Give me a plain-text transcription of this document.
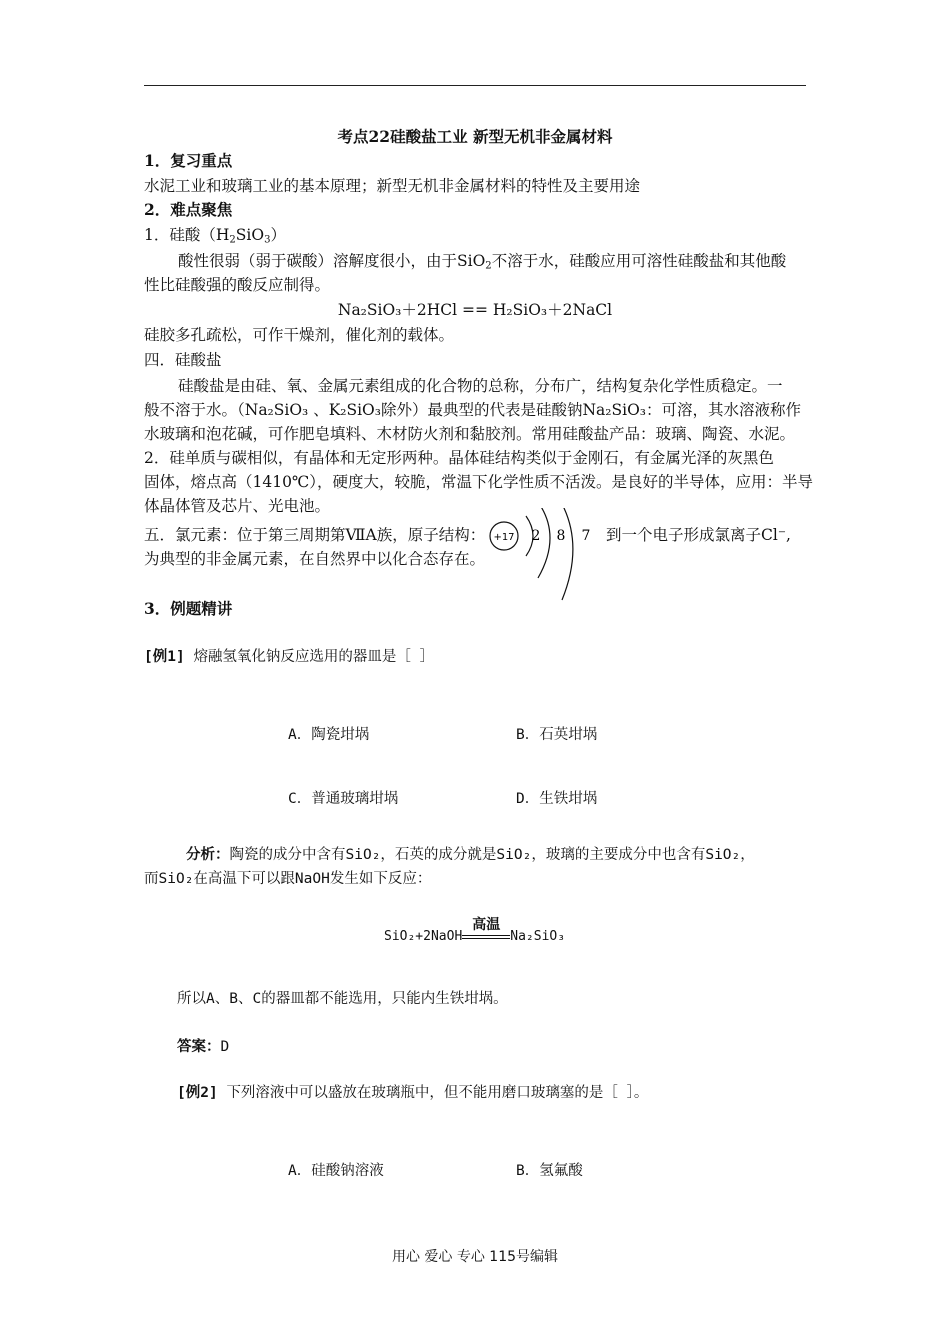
考点22硅酸盐工业 新型无机非金属材料
1．复习重点
水泥工业和玻璃工业的基本原理；新型无机非金属材料的特性及主要用途
2．难点聚焦
1．硅酸$(H_2SiO_3)$
酸性很弱（弱于碳酸）溶解度很小，由于SiO$_2$不溶于水，硅酸应用可溶性硅酸盐和其他酸
性比硅酸强的酸反应制得。
Na₂SiO₃＋2HCl == H₂SiO₃＋2NaCl
硅胶多孔疏松，可作干燥剂，催化剂的载体。
四．硅酸盐
硅酸盐是由硅、氧、金属元素组成的化合物的总称，分布广，结构复杂化学性质稳定。一
般不溶于水。（Na₂SiO₃ 、K₂SiO₃除外）最典型的代表是硅酸钠Na₂SiO₃：可溶，其水溶液称作
水玻璃和泡花碱，可作肥皂填料、木材防火剂和黏胶剂。常用硅酸盐产品：玻璃、陶瓷、水泥。
2．硅单质与碳相似，有晶体和无定形两种。晶体硅结构类似于金刚石，有金属光泽的灰黑色
固体，熔点高（1410℃），硬度大，较脆，常温下化学性质不活泼。是良好的半导体，应用：半导
体晶体管及芯片、光电池。
五．氯元素：位于第三周期第ⅦA族，原子结构：	到一个电子形成氯离子Cl⁻,
为典型的非金属元素，在自然界中以化合态存在。
+17 2 8 7
3．例题精讲
[例1] 熔融氢氧化钠反应选用的器皿是［ ］
A．陶瓷坩埚	B．石英坩埚
C．普通玻璃坩埚	D．生铁坩埚
分析：陶瓷的成分中含有SiO₂，石英的成分就是SiO₂，玻璃的主要成分中也含有SiO₂，
而SiO₂在高温下可以跟NaOH发生如下反应：
SiO₂+2NaOH
高温
Na₂SiO₃
所以A、B、C的器皿都不能选用，只能内生铁坩埚。
答案：D
[例2] 下列溶液中可以盛放在玻璃瓶中，但不能用磨口玻璃塞的是［ ］。
A．硅酸钠溶液	B．氢氟酸
用心 爱心 专心 115号编辑
